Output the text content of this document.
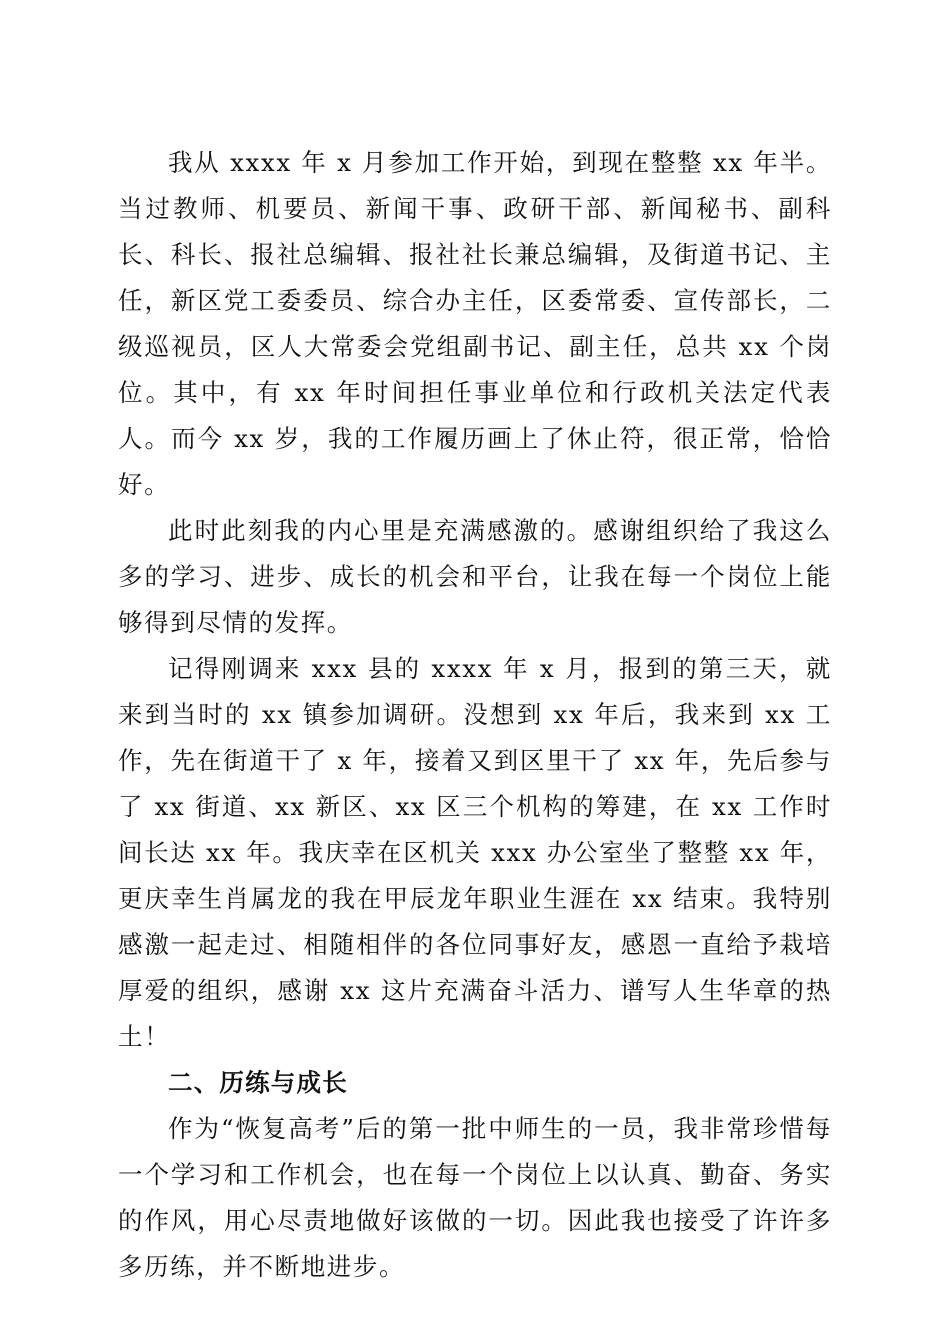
我从 xxxx 年 x 月参加工作开始，到现在整整 xx 年半。当过教师、机要员、新闻干事、政研干部、新闻秘书、副科长、科长、报社总编辑、报社社长兼总编辑，及街道书记、主任，新区党工委委员、综合办主任，区委常委、宣传部长，二级巡视员，区人大常委会党组副书记、副主任，总共 xx 个岗位。其中，有 xx 年时间担任事业单位和行政机关法定代表人。而今 xx 岁，我的工作履历画上了休止符，很正常，恰恰好。

此时此刻我的内心里是充满感激的。感谢组织给了我这么多的学习、进步、成长的机会和平台，让我在每一个岗位上能够得到尽情的发挥。

记得刚调来 xxx 县的 xxxx 年 x 月，报到的第三天，就来到当时的 xx 镇参加调研。没想到 xx 年后，我来到 xx 工作，先在街道干了 x 年，接着又到区里干了 xx 年，先后参与了 xx 街道、xx 新区、xx 区三个机构的筹建，在 xx 工作时间长达 xx 年。我庆幸在区机关 xxx 办公室坐了整整 xx 年，更庆幸生肖属龙的我在甲辰龙年职业生涯在 xx 结束。我特别感激一起走过、相随相伴的各位同事好友，感恩一直给予栽培厚爱的组织，感谢 xx 这片充满奋斗活力、谱写人生华章的热土！

二、历练与成长

作为“恢复高考”后的第一批中师生的一员，我非常珍惜每一个学习和工作机会，也在每一个岗位上以认真、勤奋、务实的作风，用心尽责地做好该做的一切。因此我也接受了许许多多历练，并不断地进步。
